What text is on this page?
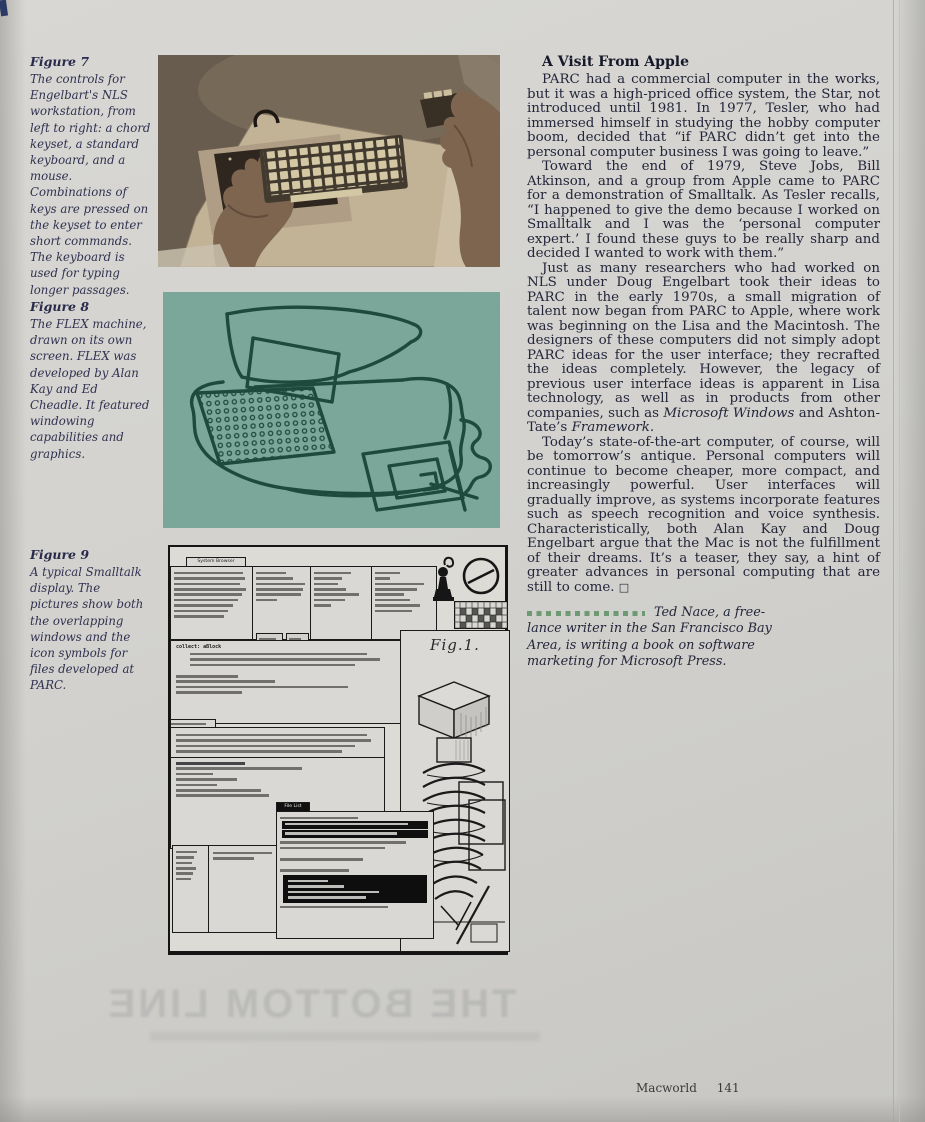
Figure 7

The controls for Engelbart's NLS workstation, from left to right: a chord keyset, a standard keyboard, and a mouse. Combinations of keys are pressed on the keyset to enter short commands. The keyboard is used for typing longer passages.

Figure 8

The FLEX machine, drawn on its own screen. FLEX was developed by Alan Kay and Ed Cheadle. It featured windowing capabilities and graphics.

Figure 9

A typical Smalltalk display. The pictures show both the overlapping windows and the icon symbols for files developed at PARC.

System Browser
collect: aBlock	Fig.1.
File List
A Visit From Apple

PARC had a commercial computer in the works, but it was a high-priced office system, the Star, not introduced until 1981. In 1977, Tesler, who had immersed himself in studying the hobby computer boom, decided that “if PARC didn’t get into the personal computer business I was going to leave.”

Toward the end of 1979, Steve Jobs, Bill Atkinson, and a group from Apple came to PARC for a demonstration of Smalltalk. As Tesler recalls, “I happened to give the demo because I worked on Smalltalk and I was the ‘personal computer expert.’ I found these guys to be really sharp and decided I wanted to work with them.”

Just as many researchers who had worked on NLS under Doug Engelbart took their ideas to PARC in the early 1970s, a small migration of talent now began from PARC to Apple, where work was beginning on the Lisa and the Macintosh. The designers of these computers did not simply adopt PARC ideas for the user interface; they recrafted the ideas completely. However, the legacy of previous user interface ideas is apparent in Lisa technology, as well as in products from other companies, such as Microsoft Windows and Ashton-Tate’s Framework.

Today’s state-of-the-art computer, of course, will be tomorrow’s antique. Personal computers will continue to become cheaper, more compact, and increasingly powerful. User interfaces will gradually improve, as systems incorporate features such as speech recognition and voice synthesis. Characteristically, both Alan Kay and Doug Engelbart argue that the Mac is not the fulfillment of their dreams. It’s a teaser, they say, a hint of greater advances in personal computing that are still to come. □

Ted Nace, a free-lance writer in the San Francisco Bay Area, is writing a book on software marketing for Microsoft Press.

THE BOTTOM LINE
Macworld 141
